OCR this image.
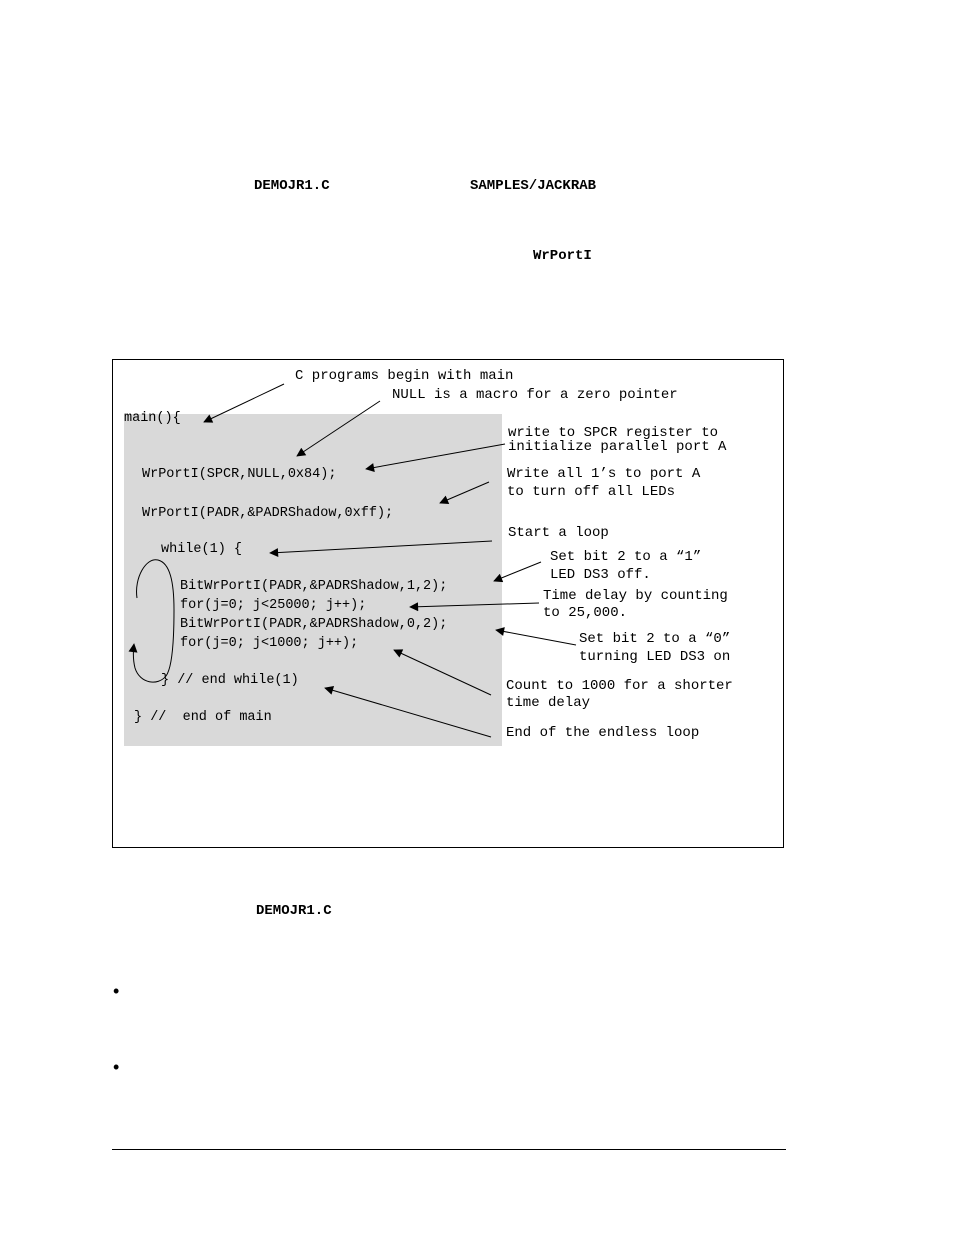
DEMOJR1.C	SAMPLES/JACKRAB
WrPortI
main(){
WrPortI(SPCR,NULL,0x84);
WrPortI(PADR,&PADRShadow,0xff);
while(1) {
BitWrPortI(PADR,&PADRShadow,1,2);
for(j=0; j<25000; j++);
BitWrPortI(PADR,&PADRShadow,0,2);
for(j=0; j<1000; j++);
} // end while(1)
} //  end of main
C programs begin with main
NULL is a macro for a zero pointer
write to SPCR register to
initialize parallel port A
Write all 1’s to port A
to turn off all LEDs
Start a loop
Set bit 2 to a “1”
LED DS3 off.
Time delay by counting
to 25,000.
Set bit 2 to a “0”
turning LED DS3 on
Count to 1000 for a shorter
time delay
End of the endless loop
DEMOJR1.C
•
•
